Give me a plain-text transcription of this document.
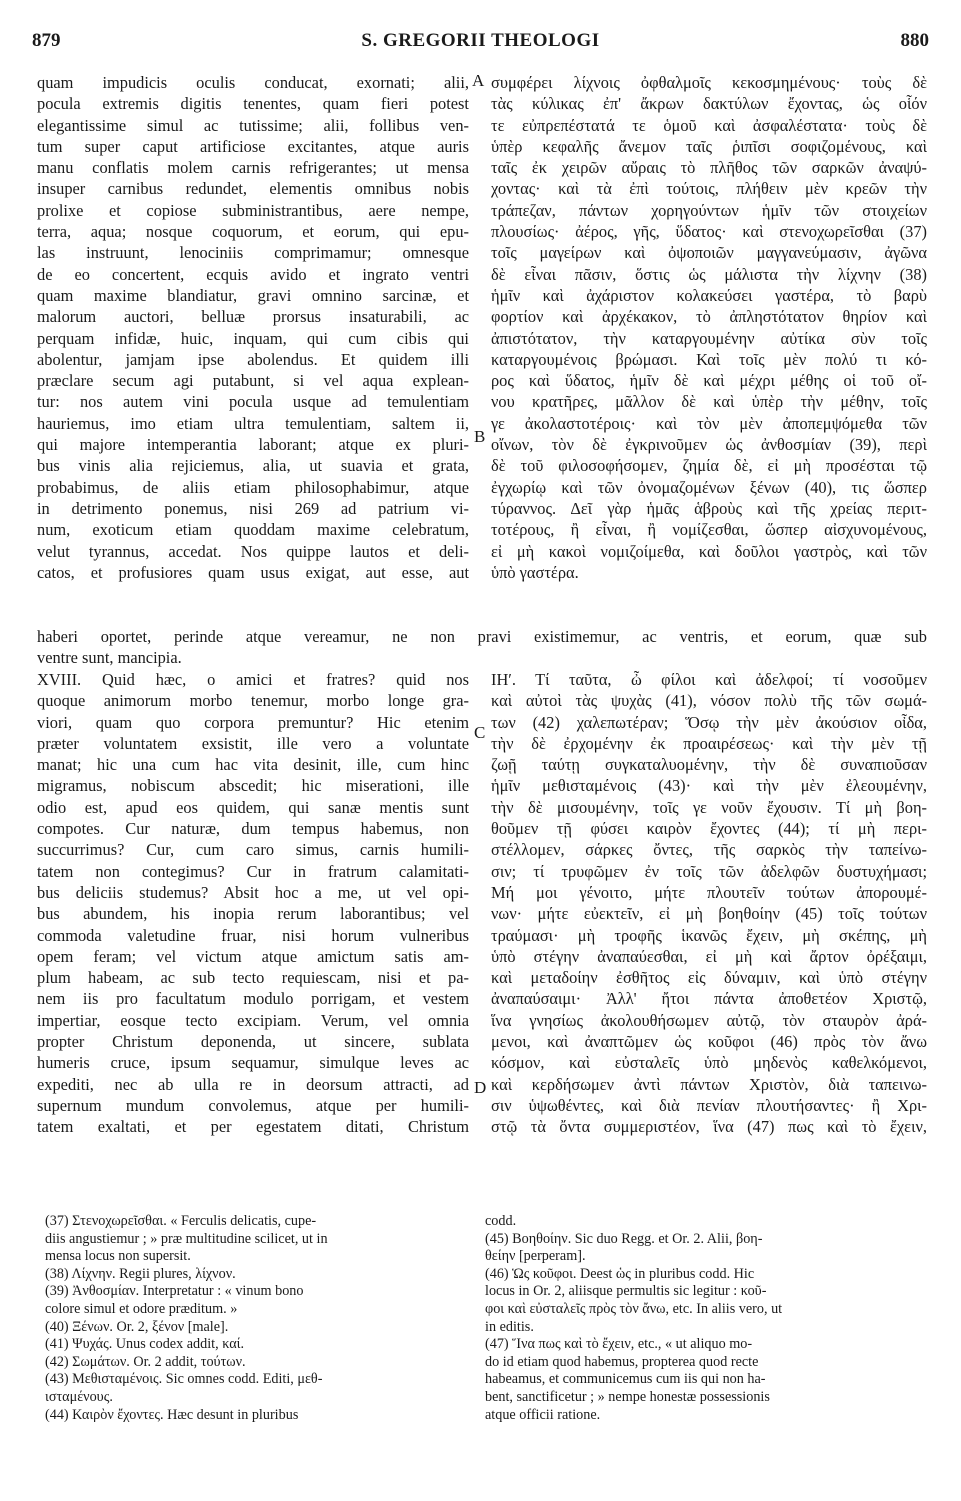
879	S. GREGORII THEOLOGI	880
quam impudicis oculis conducat, exornati; alii,
pocula extremis digitis tenentes, quam fieri potest
elegantissime simul ac tutissime; alii, follibus ven-
tum super caput artificiose excitantes, atque auris
manu conflatis molem carnis refrigerantes; ut mensa
insuper carnibus redundet, elementis omnibus nobis
prolixe et copiose subministrantibus, aere nempe,
terra, aqua; nosque coquorum, et eorum, qui epu-
las instruunt, lenociniis comprimamur; omnesque
de eo concertent, ecquis avido et ingrato ventri
quam maxime blandiatur, gravi omnino sarcinæ, et
malorum auctori, belluæ prorsus insaturabili, ac
perquam infidæ, huic, inquam, qui cum cibis qui
abolentur, jamjam ipse abolendus. Et quidem illi
præclare secum agi putabunt, si vel aqua explean-
tur: nos autem vini pocula usque ad temulentiam
hauriemus, imo etiam ultra temulentiam, saltem ii,
qui majore intemperantia laborant; atque ex pluri-
bus vinis alia rejiciemus, alia, ut suavia et grata,
probabimus, de aliis etiam philosophabimur, atque
in detrimento ponemus, nisi 269 ad patrium vi-
num, exoticum etiam quoddam maxime celebratum,
velut tyrannus, accedat. Nos quippe lautos et deli-
catos, et profusiores quam usus exigat, aut esse, aut
συμφέρει λίχνοις ὀφθαλμοῖς κεκοσμημένους· τοὺς δὲ
τὰς κύλικας ἐπ' ἄκρων δακτύλων ἔχοντας, ὡς οἷόν
τε εὐπρεπέστατά τε ὁμοῦ καὶ ἀσφαλέστατα· τοὺς δὲ
ὑπὲρ κεφαλῆς ἄνεμον ταῖς ῥιπῖσι σοφιζομένους, καὶ
ταῖς ἐκ χειρῶν αὔραις τὸ πλῆθος τῶν σαρκῶν ἀναψύ-
χοντας· καὶ τὰ ἐπὶ τούτοις, πλήθειν μὲν κρεῶν τὴν
τράπεζαν, πάντων χορηγούντων ἡμῖν τῶν στοιχείων
πλουσίως· ἀέρος, γῆς, ὕδατος· καὶ στενοχωρεῖσθαι (37)
τοῖς μαγείρων καὶ ὀψοποιῶν μαγγανεύμασιν, ἀγῶνα
δὲ εἶναι πᾶσιν, ὅστις ὡς μάλιστα τὴν λίχνην (38)
ἡμῖν καὶ ἀχάριστον κολακεύσει γαστέρα, τὸ βαρὺ
φορτίον καὶ ἀρχέκακον, τὸ ἀπληστότατον θηρίον καὶ
ἀπιστότατον, τὴν καταργουμένην αὐτίκα σὺν τοῖς
καταργουμένοις βρώμασι. Καὶ τοῖς μὲν πολύ τι κό-
ρος καὶ ὕδατος, ἡμῖν δὲ καὶ μέχρι μέθης οἱ τοῦ οἴ-
νου κρατῆρες, μᾶλλον δὲ καὶ ὑπὲρ τὴν μέθην, τοῖς
γε ἀκολαστοτέροις· καὶ τὸν μὲν ἀποπεμψόμεθα τῶν
οἴνων, τὸν δὲ ἐγκρινοῦμεν ὡς ἀνθοσμίαν (39), περὶ
δὲ τοῦ φιλοσοφήσομεν, ζημία δὲ, εἰ μὴ προσέσται τῷ
ἐγχωρίῳ καὶ τῶν ὀνομαζομένων ξένων (40), τις ὥσπερ
τύραννος. Δεῖ γὰρ ἡμᾶς ἁβροὺς καὶ τῆς χρείας περιτ-
τοτέρους, ἢ εἶναι, ἢ νομίζεσθαι, ὥσπερ αἰσχυνομένους,
εἰ μὴ κακοὶ νομιζοίμεθα, καὶ δοῦλοι γαστρὸς, καὶ τῶν
ὑπὸ γαστέρα.
haberi oportet, perinde atque vereamur, ne non pravi existimemur, ac ventris, et eorum, quæ sub
ventre sunt, mancipia.
XVIII. Quid hæc, o amici et fratres? quid nos
quoque animorum morbo tenemur, morbo longe gra-
viori, quam quo corpora premuntur? Hic etenim
præter voluntatem exsistit, ille vero a voluntate
manat; hic una cum hac vita desinit, ille, cum hinc
migramus, nobiscum abscedit; hic miserationi, ille
odio est, apud eos quidem, qui sanæ mentis sunt
compotes. Cur naturæ, dum tempus habemus, non
succurrimus? Cur, cum caro simus, carnis humili-
tatem non contegimus? Cur in fratrum calamitati-
bus deliciis studemus? Absit hoc a me, ut vel opi-
bus abundem, his inopia rerum laborantibus; vel
commoda valetudine fruar, nisi horum vulneribus
opem feram; vel victum atque amictum satis am-
plum habeam, ac sub tecto requiescam, nisi et pa-
nem iis pro facultatum modulo porrigam, et vestem
impertiar, eosque tecto excipiam. Verum, vel omnia
propter Christum deponenda, ut sincere, sublata
humeris cruce, ipsum sequamur, simulque leves ac
expediti, nec ab ulla re in deorsum attracti, ad
supernum mundum convolemus, atque per humili-
tatem exaltati, et per egestatem ditati, Christum
ΙΗʹ. Τί ταῦτα, ὦ φίλοι καὶ ἀδελφοί; τί νοσοῦμεν
καὶ αὐτοὶ τὰς ψυχὰς (41), νόσον πολὺ τῆς τῶν σωμά-
των (42) χαλεπωτέραν; Ὅσῳ τὴν μὲν ἀκούσιον οἶδα,
τὴν δὲ ἐρχομένην ἐκ προαιρέσεως· καὶ τὴν μὲν τῇ
ζωῇ ταύτῃ συγκαταλυομένην, τὴν δὲ συναπιοῦσαν
ἡμῖν μεθισταμένοις (43)· καὶ τὴν μὲν ἐλεουμένην,
τὴν δὲ μισουμένην, τοῖς γε νοῦν ἔχουσιν. Τί μὴ βοη-
θοῦμεν τῇ φύσει καιρὸν ἔχοντες (44); τί μὴ περι-
στέλλομεν, σάρκες ὄντες, τῆς σαρκὸς τὴν ταπείνω-
σιν; τί τρυφῶμεν ἐν τοῖς τῶν ἀδελφῶν δυστυχήμασι;
Μή μοι γένοιτο, μήτε πλουτεῖν τούτων ἀπορουμέ-
νων· μήτε εὐεκτεῖν, εἰ μὴ βοηθοίην (45) τοῖς τούτων
τραύμασι· μὴ τροφῆς ἱκανῶς ἔχειν, μὴ σκέπης, μὴ
ὑπὸ στέγην ἀναπαύεσθαι, εἰ μὴ καὶ ἄρτον ὀρέξαιμι,
καὶ μεταδοίην ἐσθῆτος εἰς δύναμιν, καὶ ὑπὸ στέγην
ἀναπαύσαιμι· Ἀλλ' ἤτοι πάντα ἀποθετέον Χριστῷ,
ἵνα γνησίως ἀκολουθήσωμεν αὐτῷ, τὸν σταυρὸν ἀρά-
μενοι, καὶ ἀναπτῶμεν ὡς κοῦφοι (46) πρὸς τὸν ἄνω
κόσμον, καὶ εὐσταλεῖς ὑπὸ μηδενὸς καθελκόμενοι,
καὶ κερδήσωμεν ἀντὶ πάντων Χριστὸν, διὰ ταπεινω-
σιν ὑψωθέντες, καὶ διὰ πενίαν πλουτήσαντες· ἢ Χρι-
στῷ τὰ ὄντα συμμεριστέον, ἵνα (47) πως καὶ τὸ ἔχειν,
A
B
C
D
(37) Στενοχωρεῖσθαι. « Ferculis delicatis, cupe-
diis angustiemur ; » præ multitudine scilicet, ut in
mensa locus non supersit.
(38) Λίχνην. Regii plures, λίχνον.
(39) Ἀνθοσμίαν. Interpretatur : « vinum bono
colore simul et odore præditum. »
(40) Ξένων. Or. 2, ξένον [male].
(41) Ψυχάς. Unus codex addit, καί.
(42) Σωμάτων. Or. 2 addit, τούτων.
(43) Μεθισταμένοις. Sic omnes codd. Editi, μεθ-
ισταμένους.
(44) Καιρὸν ἔχοντες. Hæc desunt in pluribus
codd.
(45) Βοηθοίην. Sic duo Regg. et Or. 2. Alii, βοη-
θείην [perperam].
(46) Ὡς κοῦφοι. Deest ὡς in pluribus codd. Hic
locus in Or. 2, aliisque permultis sic legitur : κοῦ-
φοι καὶ εὐσταλεῖς πρὸς τὸν ἄνω, etc. In aliis vero, ut
in editis.
(47) Ἵνα πως καὶ τὸ ἔχειν, etc., « ut aliquo mo-
do id etiam quod habemus, propterea quod recte
habeamus, et communicemus cum iis qui non ha-
bent, sanctificetur ; » nempe honestæ possessionis
atque officii ratione.
